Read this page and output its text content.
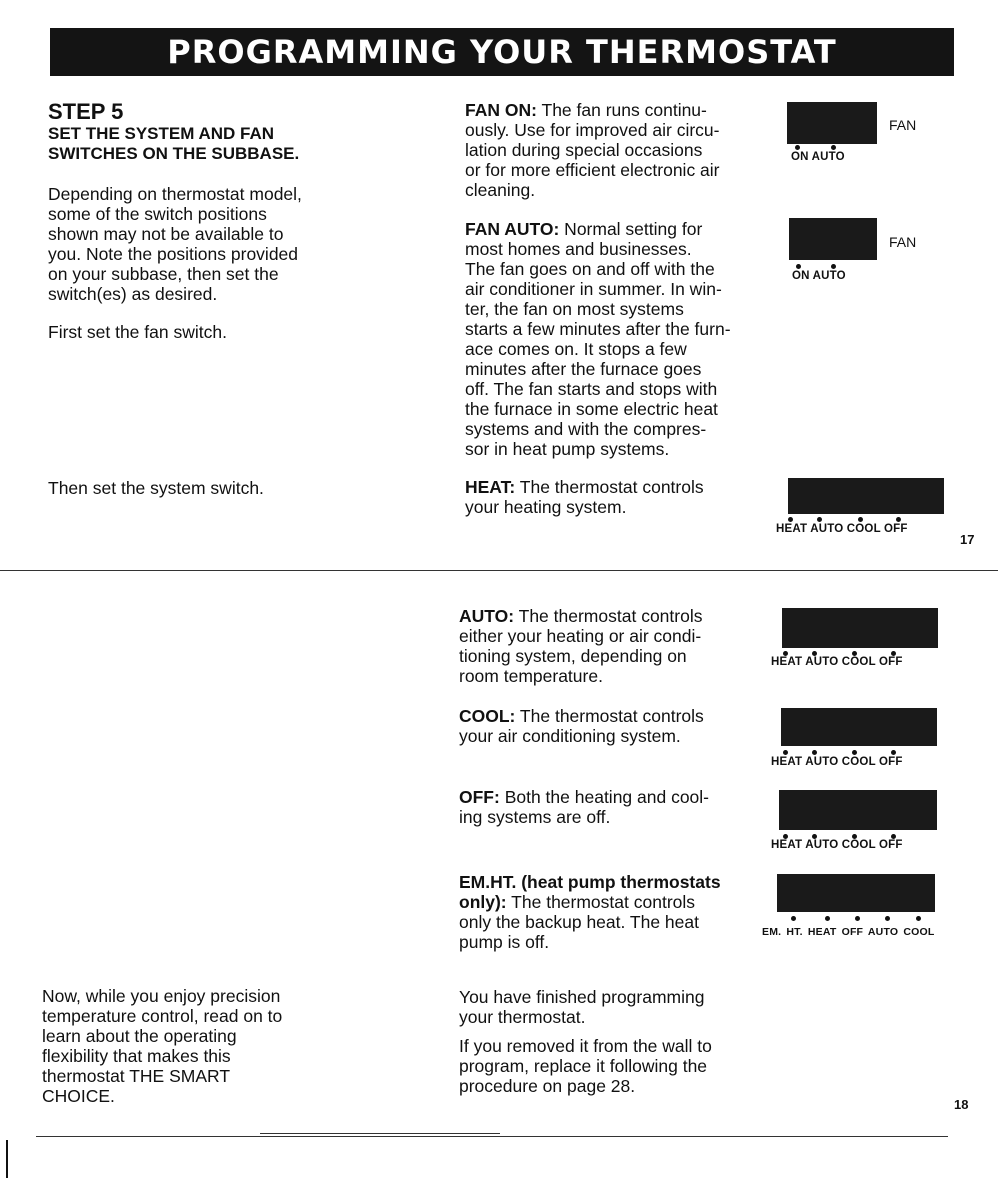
PROGRAMMING YOUR THERMOSTAT
STEP 5
SET THE SYSTEM AND FAN
SWITCHES ON THE SUBBASE.
Depending on thermostat model,
some of the switch positions
shown may not be available to
you. Note the positions provided
on your subbase, then set the
switch(es) as desired.
First set the fan switch.
Then set the system switch.
FAN ON: The fan runs continu-
ously. Use for improved air circu-
lation during special occasions
or for more efficient electronic air
cleaning.
FAN AUTO: Normal setting for
most homes and businesses.
The fan goes on and off with the
air conditioner in summer. In win-
ter, the fan on most systems
starts a few minutes after the furn-
ace comes on. It stops a few
minutes after the furnace goes
off. The fan starts and stops with
the furnace in some electric heat
systems and with the compres-
sor in heat pump systems.
HEAT: The thermostat controls
your heating system.
FAN
ON AUTO
FAN
ON AUTO
HEAT AUTO COOL OFF
17
AUTO: The thermostat controls
either your heating or air condi-
tioning system, depending on
room temperature.
COOL: The thermostat controls
your air conditioning system.
OFF: Both the heating and cool-
ing systems are off.
EM.HT. (heat pump thermostats
only): The thermostat controls
only the backup heat. The heat
pump is off.
You have finished programming
your thermostat.
If you removed it from the wall to
program, replace it following the
procedure on page 28.
Now, while you enjoy precision
temperature control, read on to
learn about the operating
flexibility that makes this
thermostat THE SMART
CHOICE.
HEAT AUTO COOL OFF
HEAT AUTO COOL OFF
HEAT AUTO COOL OFF
EM. HT. HEAT OFF AUTO COOL
18
